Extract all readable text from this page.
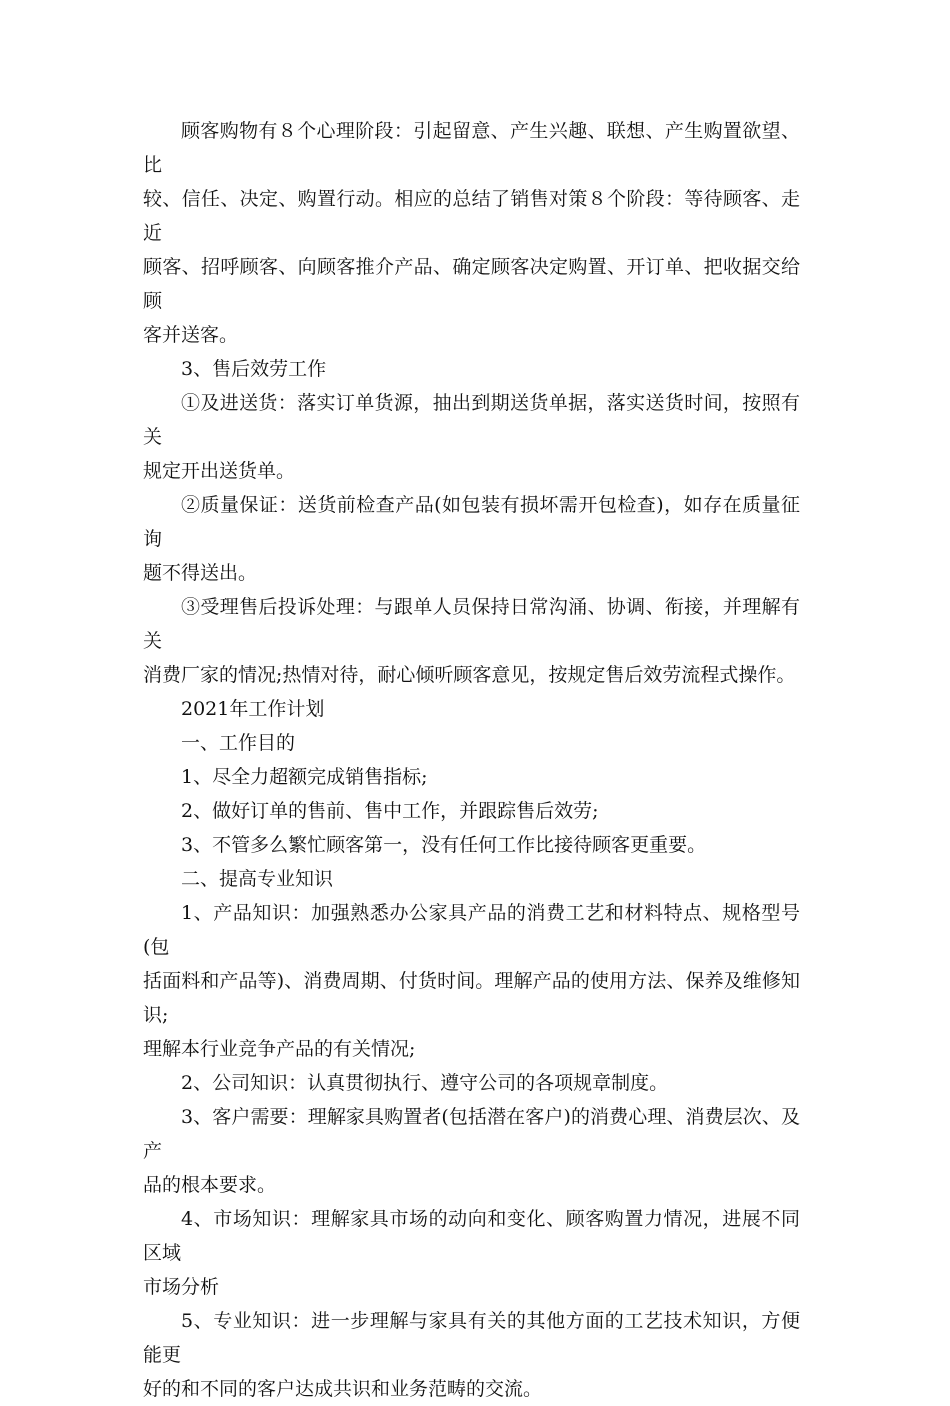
顾客购物有８个心理阶段：引起留意、产生兴趣、联想、产生购置欲望、比
较、信任、决定、购置行动。相应的总结了销售对策８个阶段：等待顾客、走近
顾客、招呼顾客、向顾客推介产品、确定顾客决定购置、开订单、把收据交给顾
客并送客。

3、售后效劳工作

①及进送货：落实订单货源，抽出到期送货单据，落实送货时间，按照有关
规定开出送货单。

②质量保证：送货前检查产品(如包装有损坏需开包检查)，如存在质量征询
题不得送出。

③受理售后投诉处理：与跟单人员保持日常沟涌、协调、衔接，并理解有关
消费厂家的情况;热情对待，耐心倾听顾客意见，按规定售后效劳流程式操作。

2021年工作计划

一、工作目的

1、尽全力超额完成销售指标;

2、做好订单的售前、售中工作，并跟踪售后效劳;

3、不管多么繁忙顾客第一，没有任何工作比接待顾客更重要。

二、提高专业知识

1、产品知识：加强熟悉办公家具产品的消费工艺和材料特点、规格型号(包
括面料和产品等)、消费周期、付货时间。理解产品的使用方法、保养及维修知识;
理解本行业竞争产品的有关情况;

2、公司知识：认真贯彻执行、遵守公司的各项规章制度。

3、客户需要：理解家具购置者(包括潜在客户)的消费心理、消费层次、及产
品的根本要求。

4、市场知识：理解家具市场的动向和变化、顾客购置力情况，进展不同区域
市场分析

5、专业知识：进一步理解与家具有关的其他方面的工艺技术知识，方便能更
好的和不同的客户达成共识和业务范畴的交流。
